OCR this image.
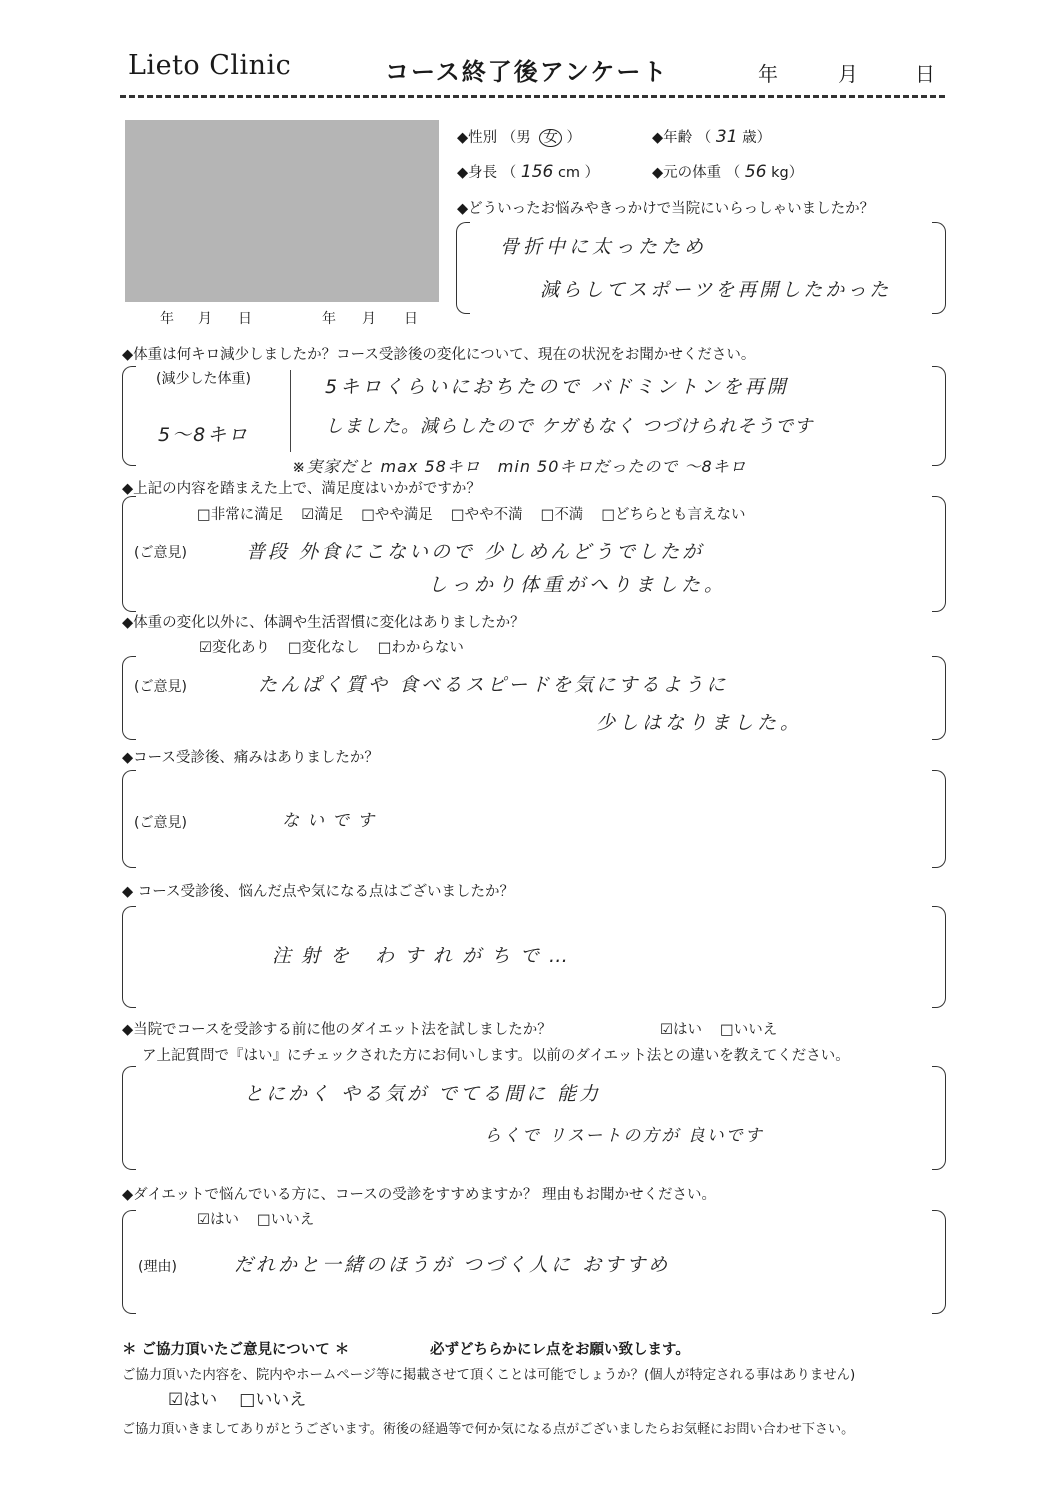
Lieto Clinic	コース終了後アンケート	年	月	日
年 月 日	年 月 日
◆性別 （男 女 ）	◆年齢 （ 31 歳）
◆身長 （ 156 cm ）	◆元の体重 （ 56 kg）
◆どういったお悩みやきっかけで当院にいらっしゃいましたか？
骨折中に太ったため
減らしてスポーツを再開したかった
◆体重は何キロ減少しましたか？コース受診後の変化について、現在の状況をお聞かせください。
(減少した体重)
5〜8キロ
5キロくらいにおちたので バドミントンを再開
しました。減らしたので ケガもなく つづけられそうです
※実家だと max 58キロ　min 50キロだったので 〜8キロ
◆上記の内容を踏まえた上で、満足度はいかがですか？
□ 非常に満足	☑ 満足	□ やや満足	□ やや不満	□ 不満	□ どちらとも言えない
(ご意見)	普段 外食にこないので 少しめんどうでしたが
しっかり体重がへりました。
◆体重の変化以外に、体調や生活習慣に変化はありましたか？
☑ 変化あり	□ 変化なし	□ わからない
(ご意見)	たんぱく質や 食べるスピードを気にするように
少しはなりました。
◆コース受診後、痛みはありましたか？
(ご意見)	ないです
◆ コース受診後、悩んだ点や気になる点はございましたか？
注射を わすれがちで…
◆当院でコースを受診する前に他のダイエット法を試しましたか？	☑ はい	□ いいえ
ア上記質問で『はい』にチェックされた方にお伺いします。以前のダイエット法との違いを教えてください。
とにかく やる気が でてる間に 能力
らくで リスートの方が 良いです
◆ダイエットで悩んでいる方に、コースの受診をすすめますか？ 理由もお聞かせください。
☑ はい	□ いいえ
(理由)	だれかと一緒のほうが つづく人に おすすめ
＊ ご協力頂いたご意見について ＊	必ずどちらかにレ点をお願い致します。
ご協力頂いた内容を、院内やホームページ等に掲載させて頂くことは可能でしょうか？(個人が特定される事はありません)
☑ はい	□ いいえ
ご協力頂いきましてありがとうございます。術後の経過等で何か気になる点がございましたらお気軽にお問い合わせ下さい。
